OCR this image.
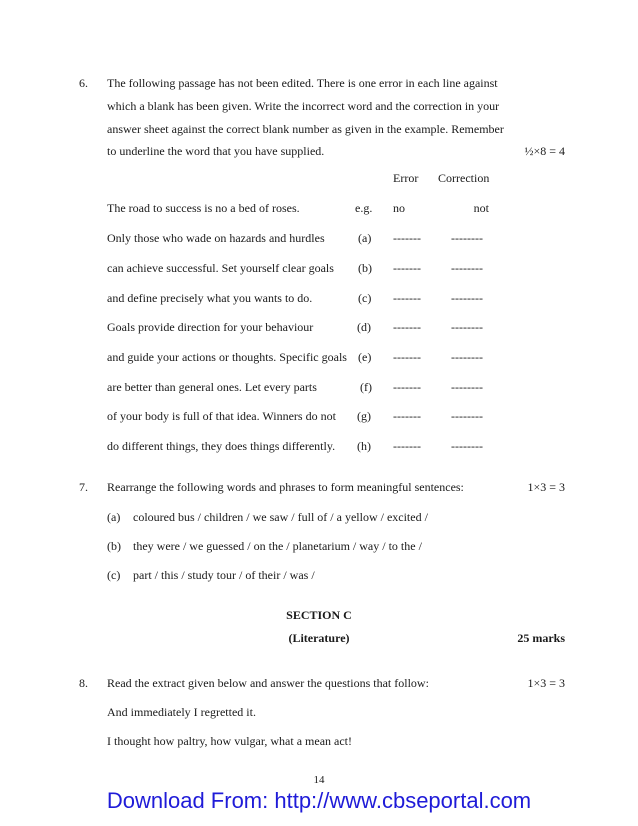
6. The following passage has not been edited. There is one error in each line against
which a blank has been given. Write the incorrect word and the correction in your
answer sheet against the correct blank number as given in the example. Remember
to underline the word that you have supplied.	½×8 = 4
Error Correction
The road to success is no a bed of roses.	e.g. no	not
Only those who wade on hazards and hurdles	(a) -------	--------
can achieve successful. Set yourself clear goals (b) -------	--------
and define precisely what you wants to do.	(c) -------	--------
Goals provide direction for your behaviour	(d) -------	--------
and guide your actions or thoughts. Specific goals (e) -------	--------
are better than general ones. Let every parts	(f) -------	--------
of your body is full of that idea. Winners do not (g) -------	--------
do different things, they does things differently. (h) -------	--------
7. Rearrange the following words and phrases to form meaningful sentences:	1×3 = 3
(a) coloured bus / children / we saw / full of / a yellow / excited /
(b) they were / we guessed / on the / planetarium / way / to the /
(c) part / this / study tour / of their / was /
SECTION C
(Literature)	25 marks
8. Read the extract given below and answer the questions that follow:	1×3 = 3
And immediately I regretted it.
I thought how paltry, how vulgar, what a mean act!
14
Download From: http://www.cbseportal.com
